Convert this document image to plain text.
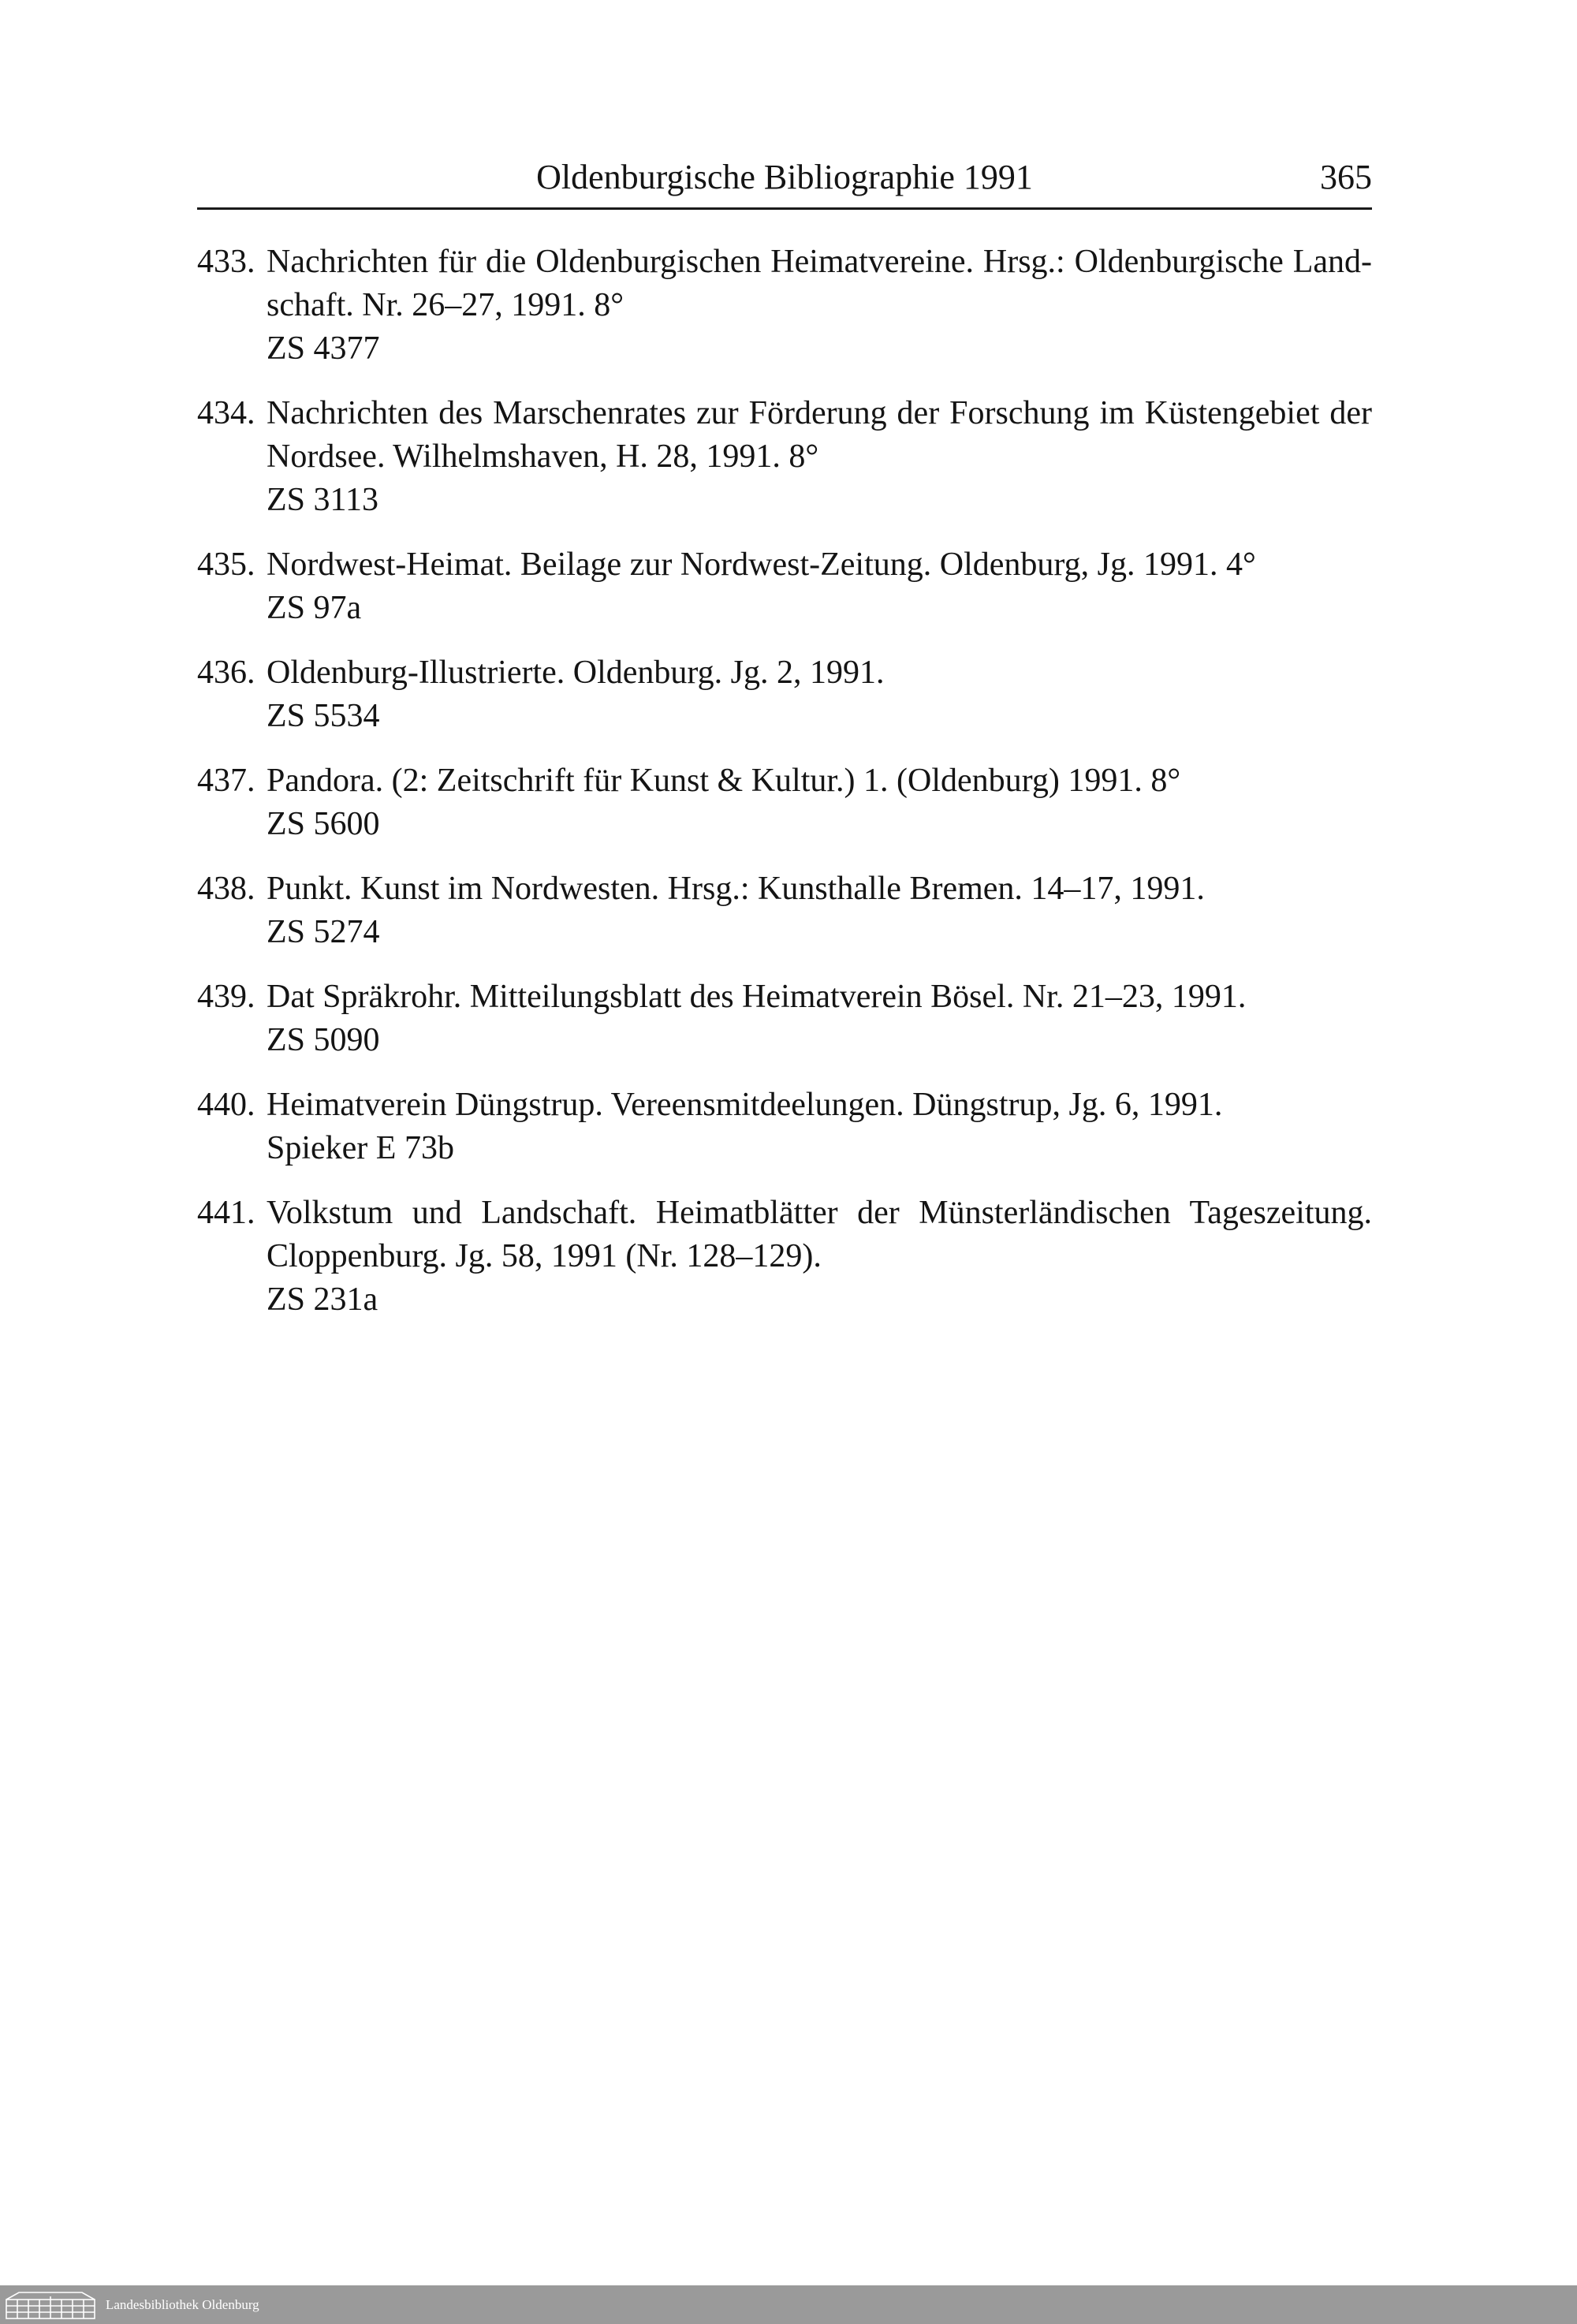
Oldenburgische Bibliographie 1991	365
433. Nachrichten für die Oldenburgischen Heimatvereine. Hrsg.: Oldenburgische Landschaft. Nr. 26–27, 1991. 8°
ZS 4377
434. Nachrichten des Marschenrates zur Förderung der Forschung im Küstengebiet der Nordsee. Wilhelmshaven, H. 28, 1991. 8°
ZS 3113
435. Nordwest-Heimat. Beilage zur Nordwest-Zeitung. Oldenburg, Jg. 1991. 4°
ZS 97a
436. Oldenburg-Illustrierte. Oldenburg. Jg. 2, 1991.
ZS 5534
437. Pandora. (2: Zeitschrift für Kunst & Kultur.) 1. (Oldenburg) 1991. 8°
ZS 5600
438. Punkt. Kunst im Nordwesten. Hrsg.: Kunsthalle Bremen. 14–17, 1991.
ZS 5274
439. Dat Spräkrohr. Mitteilungsblatt des Heimatverein Bösel. Nr. 21–23, 1991.
ZS 5090
440. Heimatverein Düngstrup. Vereensmitdeelungen. Düngstrup, Jg. 6, 1991.
Spieker E 73b
441. Volkstum und Landschaft. Heimatblätter der Münsterländischen Tageszeitung. Cloppenburg. Jg. 58, 1991 (Nr. 128–129).
ZS 231a
Landesbibliothek Oldenburg
